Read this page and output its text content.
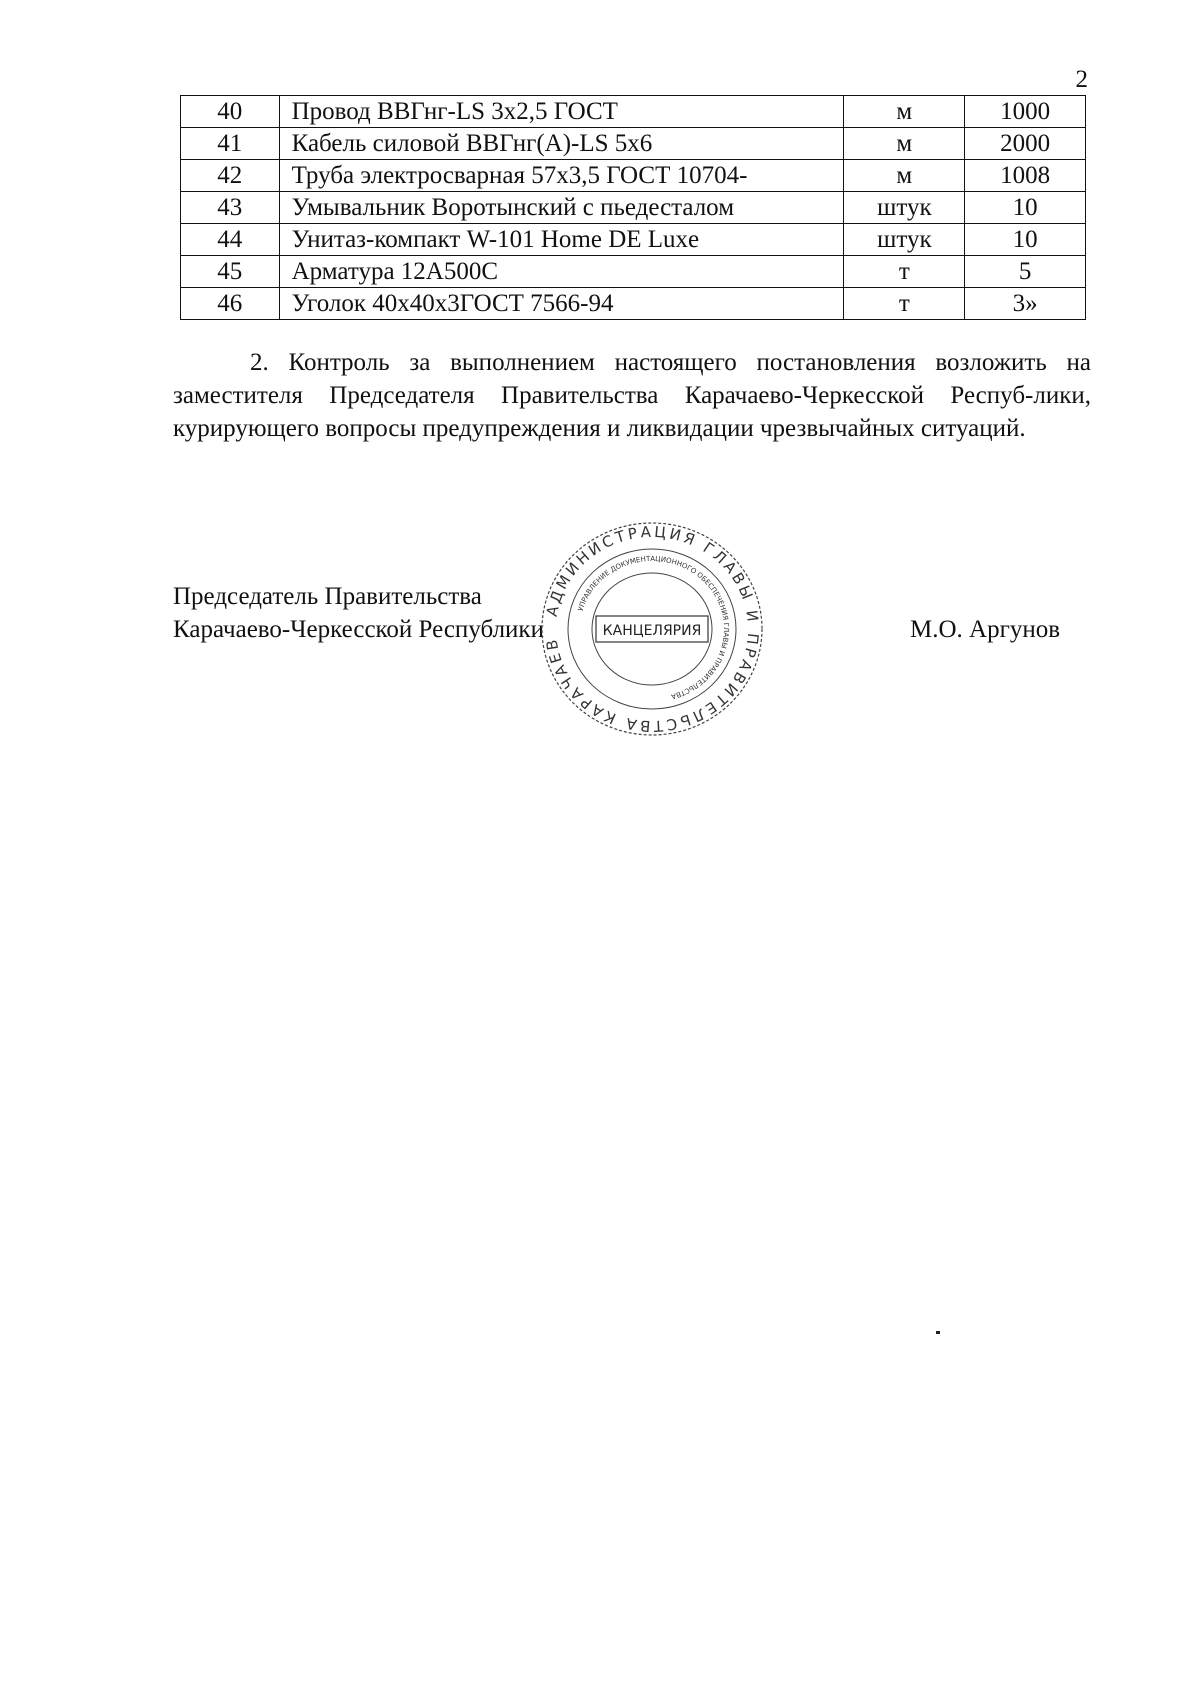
2
40	Провод ВВГнг-LS 3х2,5 ГОСТ	м	1000
41	Кабель силовой ВВГнг(А)-LS 5х6	м	2000
42	Труба электросварная 57х3,5 ГОСТ 10704-	м	1008
43	Умывальник Воротынский с пьедесталом	штук	10
44	Унитаз-компакт W-101 Home DE Luxe	штук	10
45	Арматура 12А500С	т	5
46	Уголок 40х40х3ГОСТ 7566-94	т	3»

2. Контроль за выполнением настоящего постановления возложить на заместителя Председателя Правительства Карачаево-Черкесской Респуб-лики, курирующего вопросы предупреждения и ликвидации чрезвычайных ситуаций.

Председатель Правительства
Карачаево-Черкесской Республики	М.О. Аргунов
АДМИНИСТРАЦИЯ ГЛАВЫ И ПРАВИТЕЛЬСТВА КАРАЧАЕВ
УПРАВЛЕНИЕ ДОКУМЕНТАЦИОННОГО ОБЕСПЕЧЕНИЯ ГЛАВЫ И ПРАВИТЕЛЬСТВА
КАНЦЕЛЯРИЯ
